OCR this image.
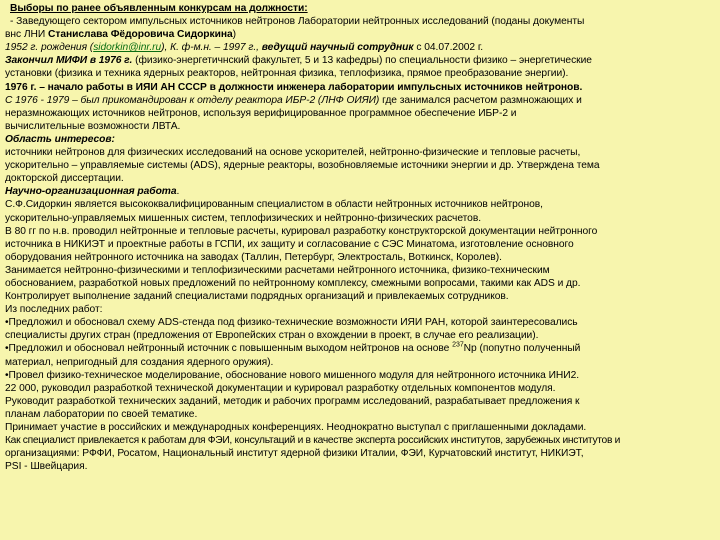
Выборы по ранее объявленным конкурсам на должности:

- Заведующего сектором импульсных источников нейтронов Лаборатории нейтронных исследований (поданы документы

внс ЛНИ Станислава Фёдоровича Сидоркина)

1952 г. рождения (sidorkin@inr.ru), К. ф-м.н. – 1997 г., ведущий научный сотрудник с 04.07.2002 г.

Закончил МИФИ в 1976 г. (физико-энергетичнский факультет, 5 и 13 кафедры) по специальности физико – энергетические

установки (физика и техника ядерных реакторов, нейтронная физика, теплофизика, прямое преобразование энергии).

1976 г. – начало работы в ИЯИ АН СССР в должности инженера лаборатории импульсных источников нейтронов.

С 1976 - 1979 – был прикомандирован к отделу реактора ИБР-2 (ЛНФ ОИЯИ) где занимался расчетом размножающих и

неразмножающих источников нейтронов, используя верифицированное программное обеспечение ИБР-2 и

вычислительные возможности ЛВТА.

Область интересов:

источники нейтронов для физических исследований на основе ускорителей, нейтронно-физические и тепловые расчеты,

ускорительно – управляемые системы (ADS), ядерные реакторы, возобновляемые источники энергии и др. Утверждена тема

докторской диссертации.

Научно-организационная работа.

С.Ф.Сидоркин является высококвалифицированным специалистом в области нейтронных источников нейтронов,

ускорительно-управляемых мишенных систем, теплофизических и нейтронно-физических расчетов.

В 80 гг по н.в. проводил нейтронные и тепловые расчеты, курировал разработку конструкторской документации нейтронного

источника в НИКИЭТ и проектные работы в ГСПИ, их защиту и согласование с СЭС Минатома, изготовление основного

оборудования нейтронного источника на заводах (Таллин, Петербург, Электросталь, Воткинск, Королев).

Занимается нейтронно-физическими и теплофизическими расчетами нейтронного источника, физико-техническим

обоснованием, разработкой новых предложений по нейтронному комплексу, смежными вопросами, такими как ADS и др.

Контролирует выполнение заданий специалистами подрядных организаций и привлекаемых сотрудников.

Из последних работ:

•Предложил и обосновал схему ADS-стенда под физико-технические возможности ИЯИ РАН, которой заинтересовались

специалисты других стран (предложения от Европейских стран о вхождении в проект, в случае его реализации).

•Предложил и обосновал нейтронный источник с повышенным выходом нейтронов на основе $^{237}$Np (попутно полученный

материал, непригодный для создания ядерного оружия).

•Провел физико-техническое моделирование, обоснование нового мишенного модуля для нейтронного источника ИНИ2.

22 000, руководил разработкой технической документации и курировал разработку отдельных компонентов модуля.

Руководит разработкой технических заданий, методик и рабочих программ исследований, разрабатывает предложения к

планам лаборатории по своей тематике.

Принимает участие в российских и международных конференциях. Неоднократно выступал с приглашенными докладами.

Как специалист привлекается к работам для ФЭИ, консультаций и в качестве эксперта российских институтов, зарубежных институтов и

организациями: РФФИ, Росатом, Национальный институт ядерной физики Италии, ФЭИ, Курчатовский институт, НИКИЭТ,

PSI - Швейцария.
